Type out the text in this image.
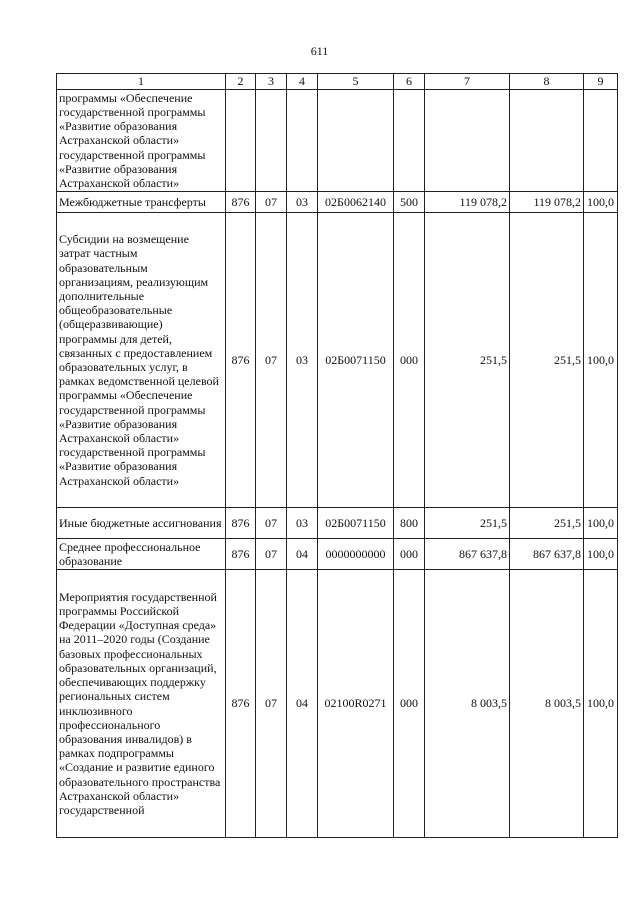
611
1	2	3	4	5	6	7	8	9
программы «Обеспечение государственной программы «Развитие образования Астраханской области» государственной программы «Развитие образования Астраханской области»								
Межбюджетные трансферты	876	07	03	02Б0062140	500	119 078,2	119 078,2	100,0
Субсидии на возмещение затрат частным образовательным организациям, реализующим дополнительные общеобразовательные (общеразвивающие) программы для детей, связанных с предоставлением образовательных услуг, в рамках ведомственной целевой программы «Обеспечение государственной программы «Развитие образования Астраханской области» государственной программы «Развитие образования Астраханской области»	876	07	03	02Б0071150	000	251,5	251,5	100,0
Иные бюджетные ассигнования	876	07	03	02Б0071150	800	251,5	251,5	100,0
Среднее профессиональное образование	876	07	04	0000000000	000	867 637,8	867 637,8	100,0
Мероприятия государственной программы Российской Федерации «Доступная среда» на 2011–2020 годы (Создание базовых профессиональных образовательных организаций, обеспечивающих поддержку региональных систем инклюзивного профессионального образования инвалидов) в рамках подпрограммы «Создание и развитие единого образовательного пространства Астраханской области» государственной	876	07	04	02100R0271	000	8 003,5	8 003,5	100,0
